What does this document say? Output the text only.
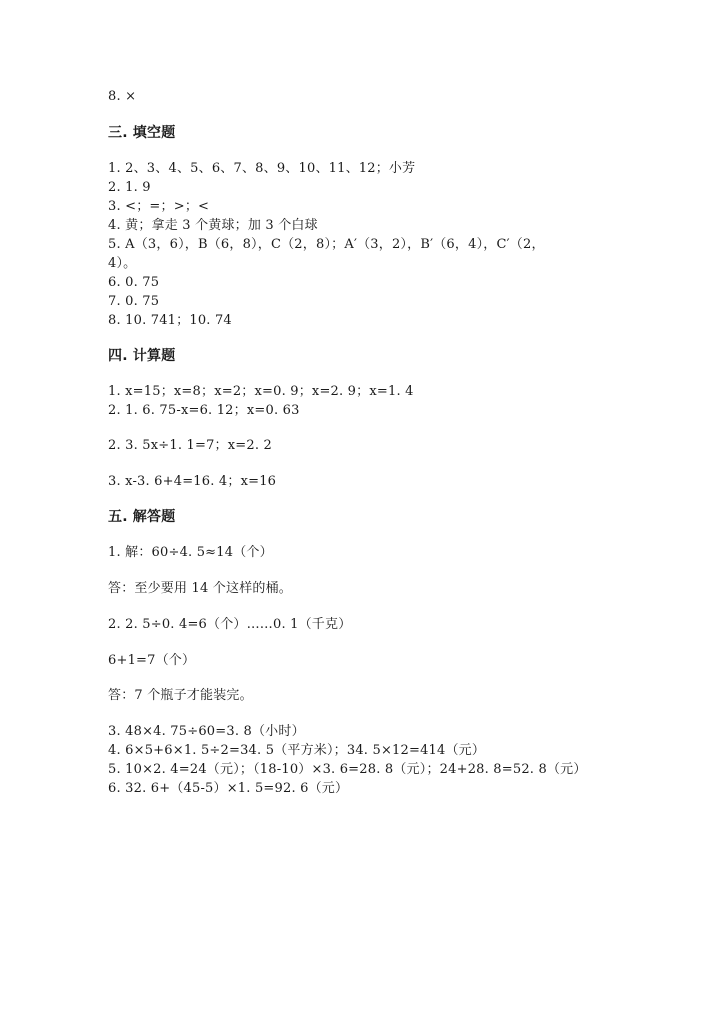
8. ×
三. 填空题
1. 2、3、4、5、6、7、8、9、10、11、12；小芳
2. 1. 9
3. <；=；>；<
4. 黄；拿走 3 个黄球；加 3 个白球
5. A（3，6），B（6，8），C（2，8）；A′（3，2），B′（6，4），C′（2，
4）。
6. 0. 75
7. 0. 75
8. 10. 741；10. 74
四. 计算题
1. x=15；x=8；x=2；x=0. 9；x=2. 9；x=1. 4
2. 1. 6. 75-x=6. 12；x=0. 63
2. 3. 5x÷1. 1=7；x=2. 2
3. x-3. 6+4=16. 4；x=16
五. 解答题
1. 解：60÷4. 5≈14（个）
答：至少要用 14 个这样的桶。
2. 2. 5÷0. 4=6（个）……0. 1（千克）
6+1=7（个）
答：7 个瓶子才能装完。
3. 48×4. 75÷60=3. 8（小时）
4. 6×5+6×1. 5÷2=34. 5（平方米）；34. 5×12=414（元）
5. 10×2. 4=24（元）；（18-10）×3. 6=28. 8（元）；24+28. 8=52. 8（元）
6. 32. 6+（45-5）×1. 5=92. 6（元）
